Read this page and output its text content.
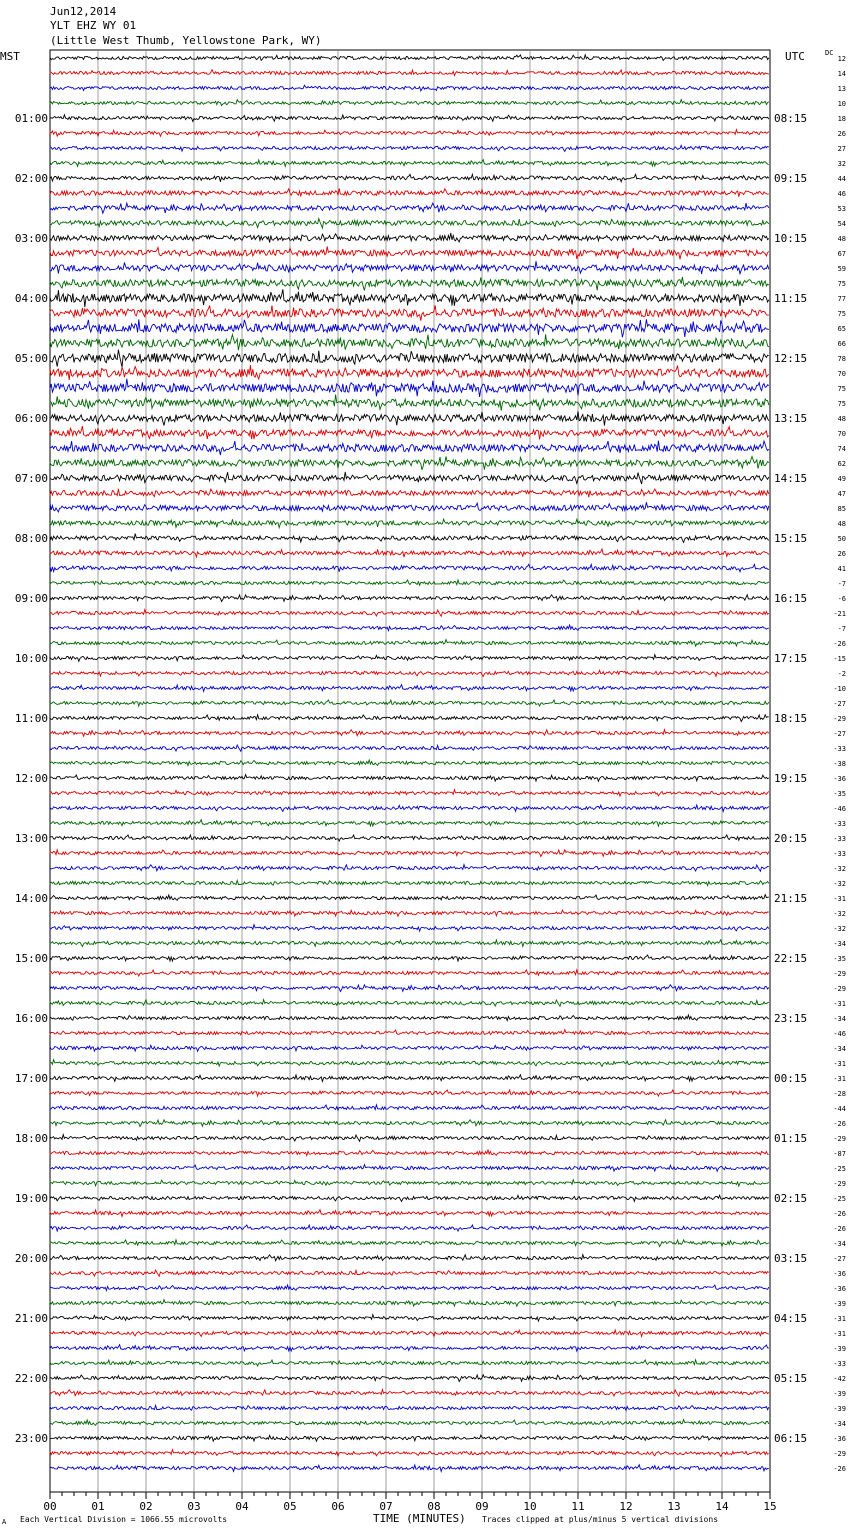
Jun12,2014
YLT EHZ WY 01
(Little West Thumb, Yellowstone Park, WY)
MST	UTC	DC
12
14
13
10
18
26
27
32
44
46
53
54
48
67
59
75
77
75
65
66
78
70
75
75
48
70
74
62
49
47
85
48
50
26
41
-7
-6
-21
-7
-26
-15
-2
-10
-27
-29
-27
-33
-38
-36
-35
-46
-33
-33
-33
-32
-32
-31
-32
-32
-34
-35
-29
-29
-31
-34
-46
-34
-31
-31
-28
-44
-26
-29
-87
-25
-29
-25
-26
-26
-34
-27
-36
-36
-39
-31
-31
-39
-33
-42
-39
-39
-34
-36
-29
-26
01:00
02:00
03:00
04:00
05:00
06:00
07:00
08:00
09:00
10:00
11:00
12:00
13:00
14:00
15:00
16:00
17:00
18:00
19:00
20:00
21:00
22:00
23:00
08:15
09:15
10:15
11:15
12:15
13:15
14:15
15:15
16:15
17:15
18:15
19:15
20:15
21:15
22:15
23:15
00:15
01:15
02:15
03:15
04:15
05:15
06:15
00	01	02	03	04	05	06	07	08	09	10	11	12	13	14	15
A Each Vertical Division = 1066.55 microvolts	TIME (MINUTES) Traces clipped at plus/minus 5 vertical divisions
